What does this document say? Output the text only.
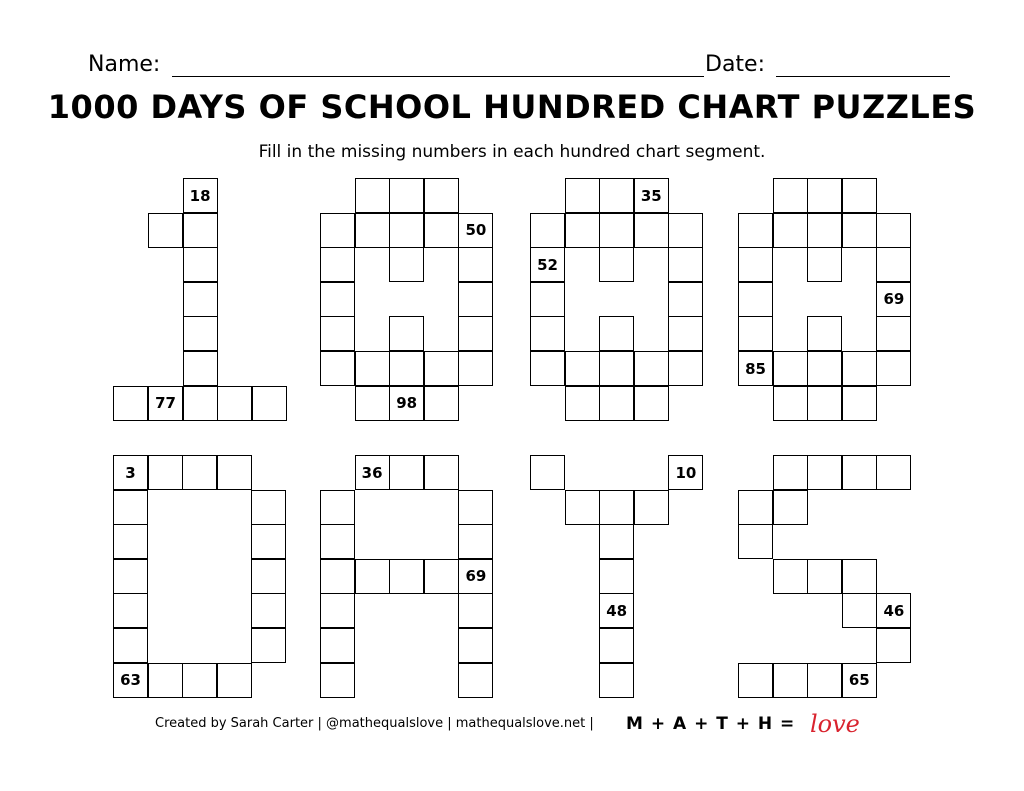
Name:	Date:
1000 DAYS OF SCHOOL HUNDRED CHART PUZZLES
Fill in the missing numbers in each hundred chart segment.
18
77
50
98
35
52
69
85
3
63
36
69
10
48	46
65
Created by Sarah Carter | @mathequalslove | mathequalslove.net | M + A + T + H = love
